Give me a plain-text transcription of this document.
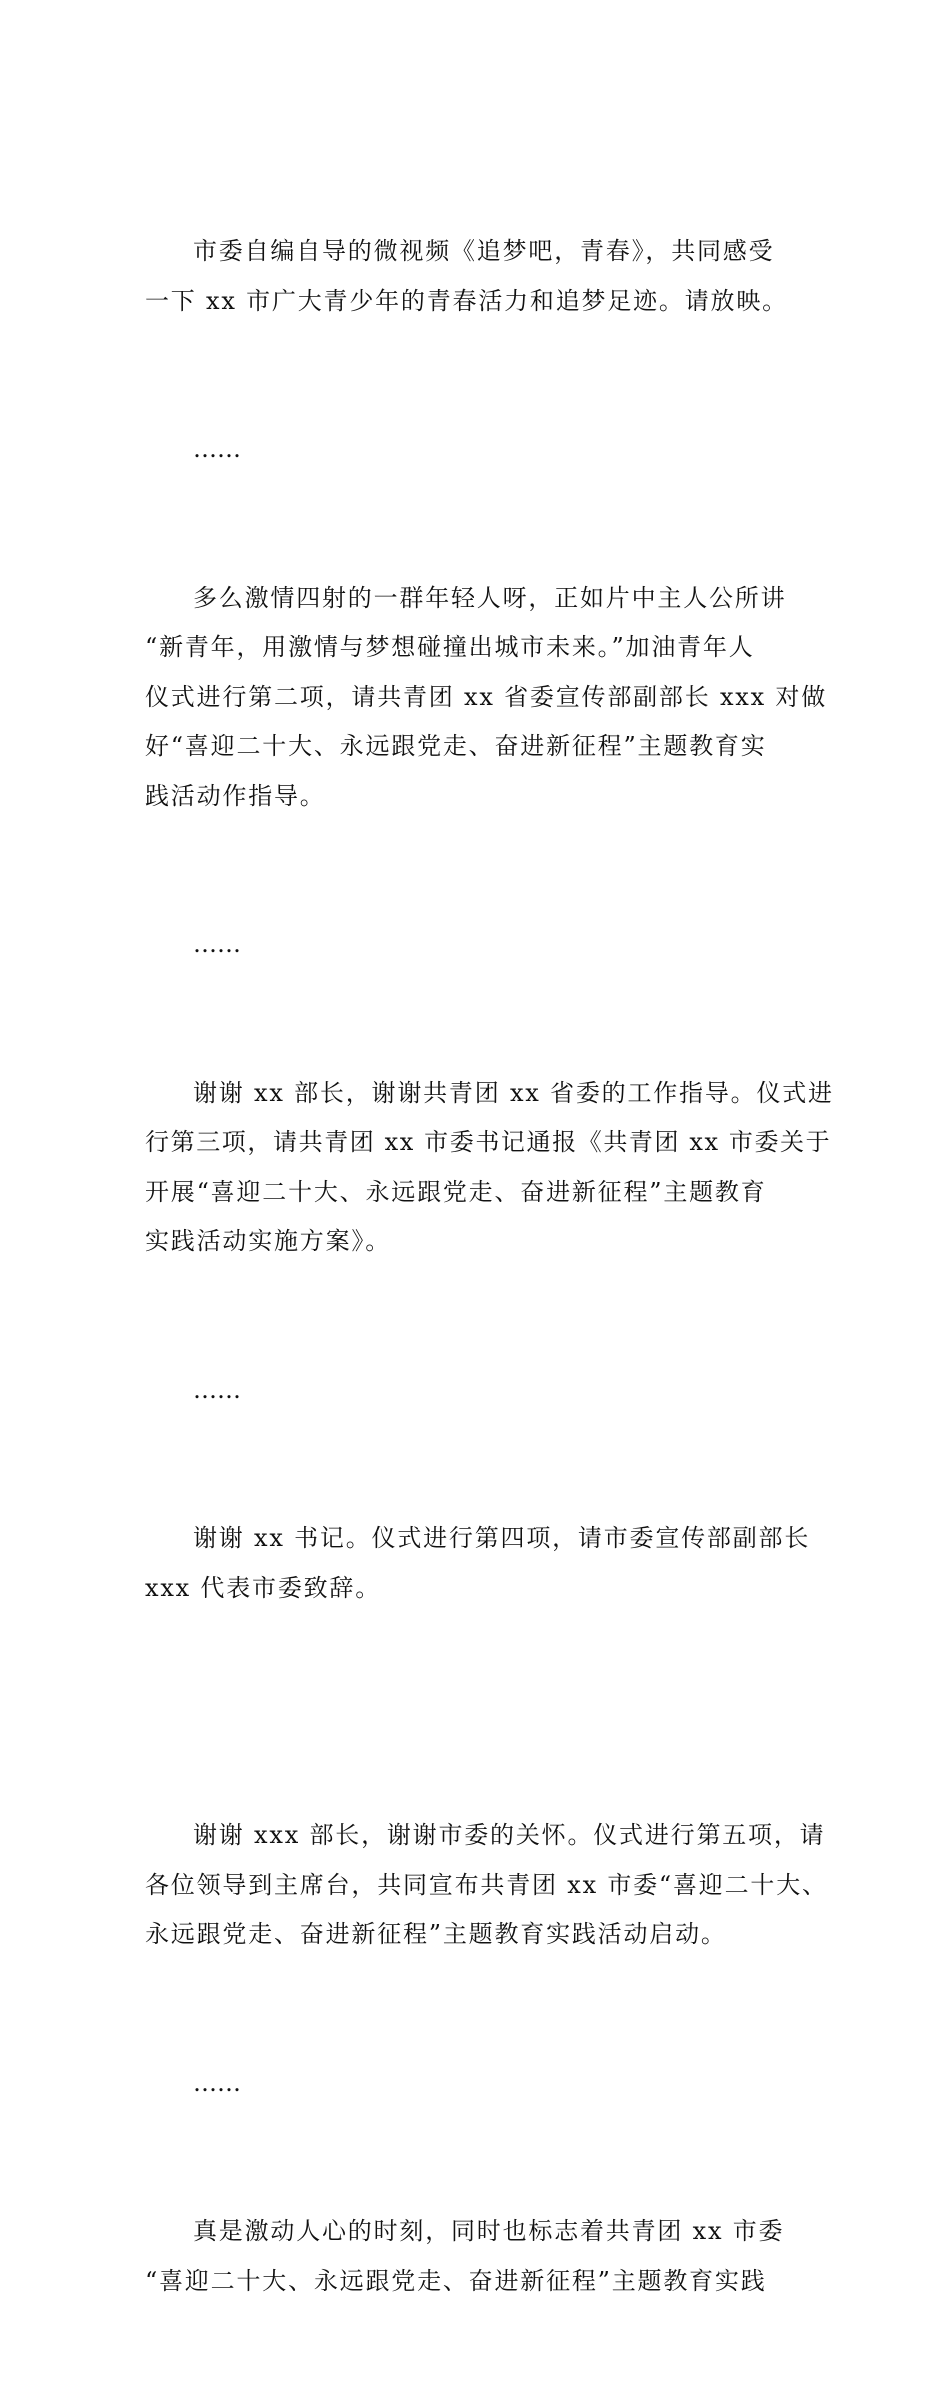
市委自编自导的微视频《追梦吧，青春》，共同感受
一下 xx 市广大青少年的青春活力和追梦足迹。请放映。

……

多么激情四射的一群年轻人呀，正如片中主人公所讲
“新青年，用激情与梦想碰撞出城市未来。”加油青年人
仪式进行第二项，请共青团 xx 省委宣传部副部长 xxx 对做
好“喜迎二十大、永远跟党走、奋进新征程”主题教育实
践活动作指导。

……

谢谢 xx 部长，谢谢共青团 xx 省委的工作指导。仪式进
行第三项，请共青团 xx 市委书记通报《共青团 xx 市委关于
开展“喜迎二十大、永远跟党走、奋进新征程”主题教育
实践活动实施方案》。

……

谢谢 xx 书记。仪式进行第四项，请市委宣传部副部长
xxx 代表市委致辞。

谢谢 xxx 部长，谢谢市委的关怀。仪式进行第五项，请
各位领导到主席台，共同宣布共青团 xx 市委“喜迎二十大、
永远跟党走、奋进新征程”主题教育实践活动启动。

……

真是激动人心的时刻，同时也标志着共青团 xx 市委
“喜迎二十大、永远跟党走、奋进新征程”主题教育实践
